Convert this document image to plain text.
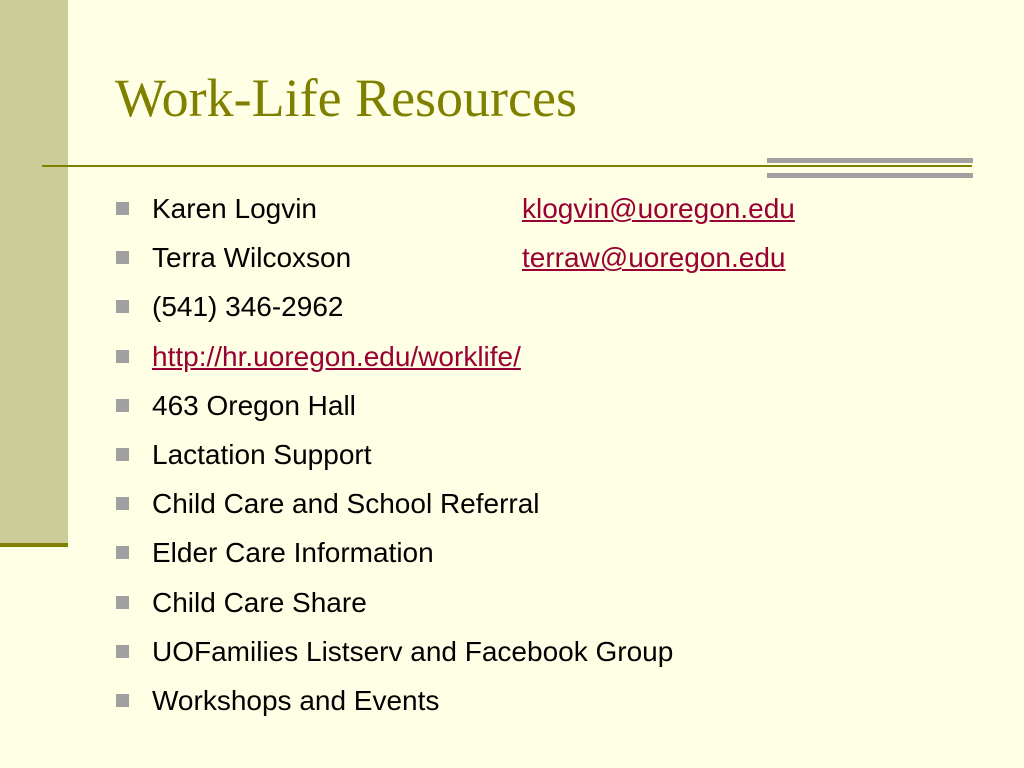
Work-Life Resources
Karen Logvin	klogvin@uoregon.edu
Terra Wilcoxson	terraw@uoregon.edu
(541) 346-2962
http://hr.uoregon.edu/worklife/
463 Oregon Hall
Lactation Support
Child Care and School Referral
Elder Care Information
Child Care Share
UOFamilies Listserv and Facebook Group
Workshops and Events
